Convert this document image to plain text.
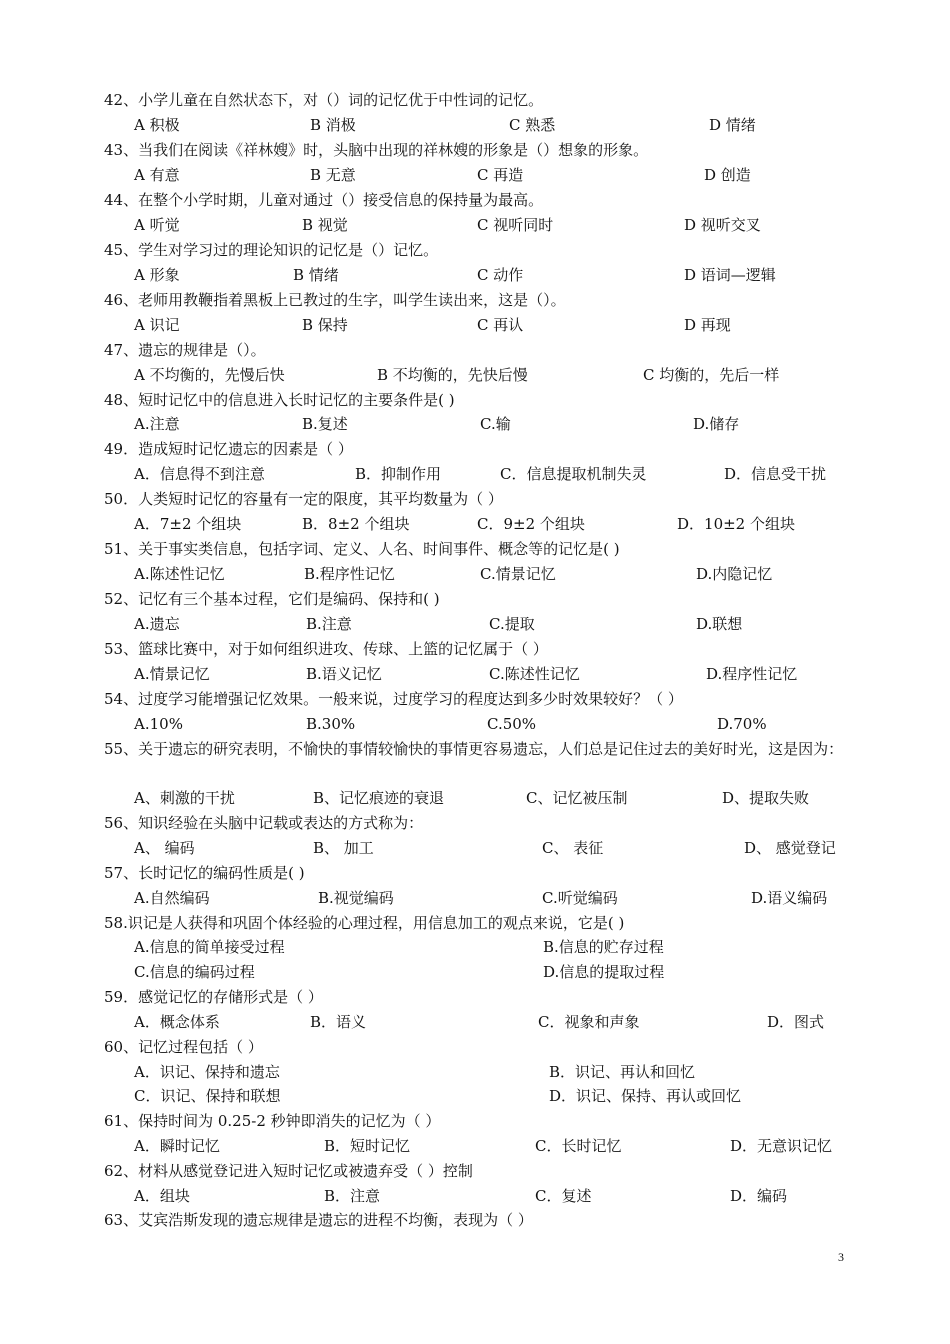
42、小学儿童在自然状态下，对（）词的记忆优于中性词的记忆。
A 积极	B 消极	C 熟悉	D 情绪
43、当我们在阅读《祥林嫂》时，头脑中出现的祥林嫂的形象是（）想象的形象。
A 有意	B 无意	C 再造	D 创造
44、在整个小学时期，儿童对通过（）接受信息的保持量为最高。
A 听觉	B 视觉	C 视听同时	D 视听交叉
45、学生对学习过的理论知识的记忆是（）记忆。
A 形象	B 情绪	C 动作	D 语词—逻辑
46、老师用教鞭指着黑板上已教过的生字，叫学生读出来，这是（）。
A 识记	B 保持	C 再认	D 再现
47、遗忘的规律是（）。
A 不均衡的，先慢后快	B 不均衡的，先快后慢	C 均衡的，先后一样
48、短时记忆中的信息进入长时记忆的主要条件是( )
A.注意	B.复述	C.输	D.储存
49．造成短时记忆遗忘的因素是（ ）
A．信息得不到注意	B．抑制作用	C．信息提取机制失灵	D．信息受干扰
50．人类短时记忆的容量有一定的限度，其平均数量为（ ）
A．7±2 个组块	B．8±2 个组块	C．9±2 个组块	D．10±2 个组块
51、关于事实类信息，包括字词、定义、人名、时间事件、概念等的记忆是( )
A.陈述性记忆	B.程序性记忆	C.情景记忆	D.内隐记忆
52、记忆有三个基本过程，它们是编码、保持和( )
A.遗忘	B.注意	C.提取	D.联想
53、篮球比赛中，对于如何组织进攻、传球、上篮的记忆属于（ ）
A.情景记忆	B.语义记忆	C.陈述性记忆	D.程序性记忆
54、过度学习能增强记忆效果。一般来说，过度学习的程度达到多少时效果较好？（ ）
A.10%	B.30%	C.50%	D.70%
55、关于遗忘的研究表明，不愉快的事情较愉快的事情更容易遗忘，人们总是记住过去的美好时光，这是因为：
A、刺激的干扰	B、记忆痕迹的衰退	C、记忆被压制	D、提取失败
56、知识经验在头脑中记载或表达的方式称为：
A、 编码	B、 加工	C、 表征	D、 感觉登记
57、长时记忆的编码性质是( )
A.自然编码	B.视觉编码	C.听觉编码	D.语义编码
58.识记是人获得和巩固个体经验的心理过程，用信息加工的观点来说，它是( )
A.信息的简单接受过程	B.信息的贮存过程
C.信息的编码过程	D.信息的提取过程
59．感觉记忆的存储形式是（ ）
A．概念体系	B．语义	C．视象和声象	D．图式
60、记忆过程包括（ ）
A．识记、保持和遗忘	B．识记、再认和回忆
C．识记、保持和联想	D．识记、保持、再认或回忆
61、保持时间为 0.25-2 秒钟即消失的记忆为（ ）
A．瞬时记忆	B．短时记忆	C．长时记忆	D．无意识记忆
62、材料从感觉登记进入短时记忆或被遗弃受（ ）控制
A．组块	B．注意	C．复述	D．编码
63、艾宾浩斯发现的遗忘规律是遗忘的进程不均衡，表现为（ ）
3
